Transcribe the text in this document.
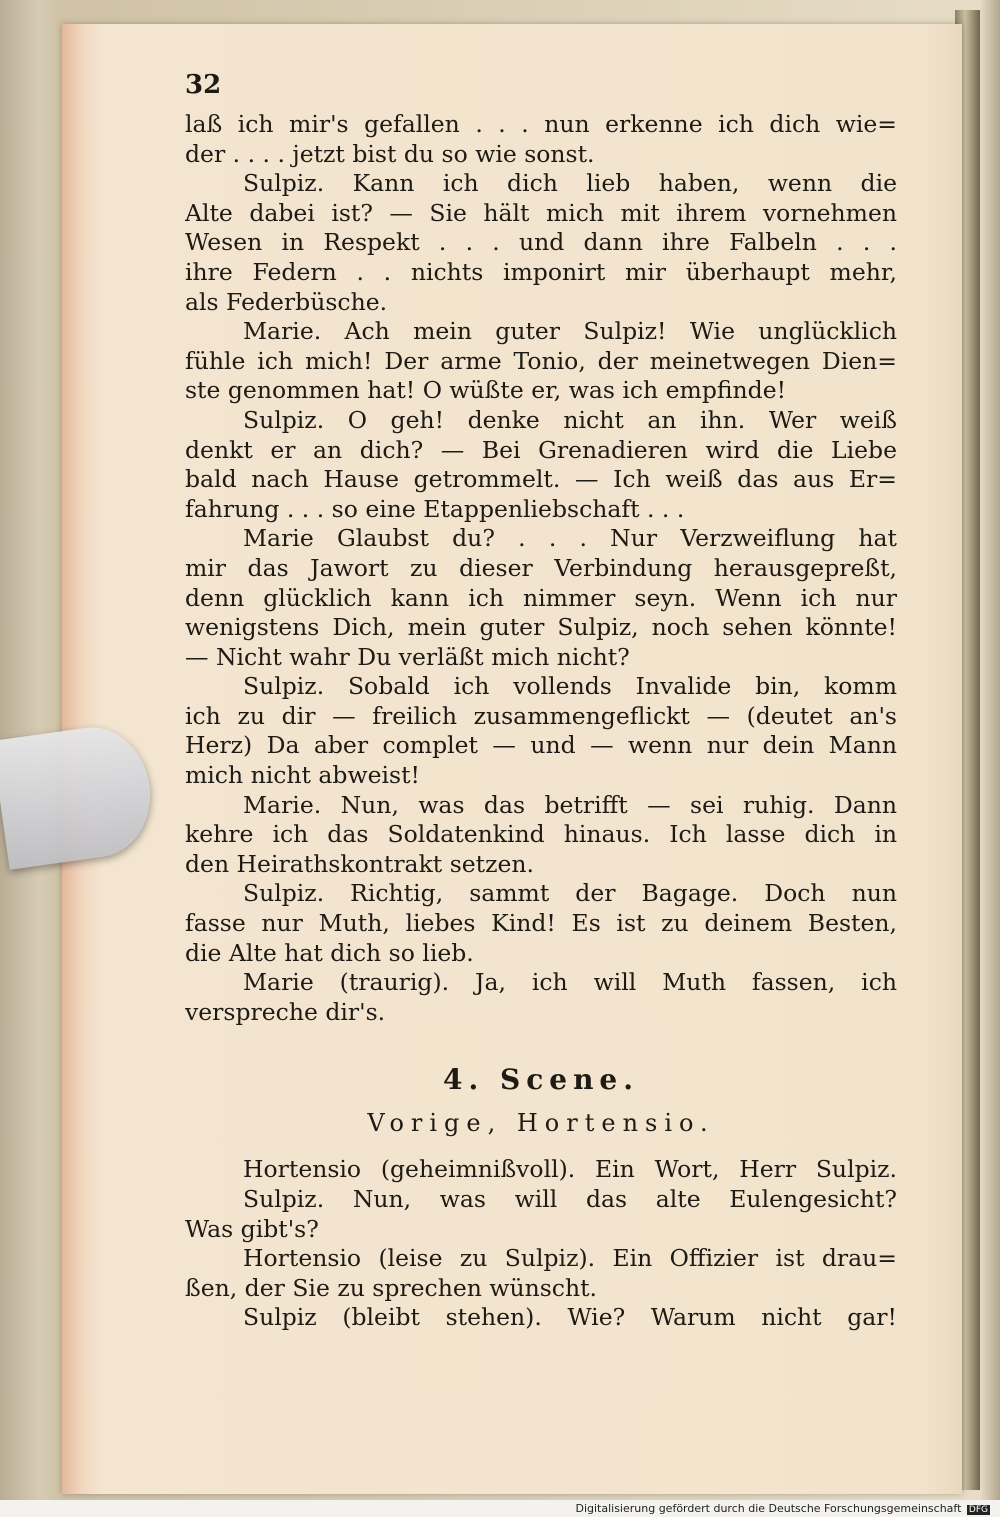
32
laß ich mir's gefallen . . . nun erkenne ich dich wie=
der . . . . jetzt bist du so wie sonst.
Sulpiz. Kann ich dich lieb haben, wenn die
Alte dabei ist? — Sie hält mich mit ihrem vornehmen
Wesen in Respekt . . . und dann ihre Falbeln . . .
ihre Federn . . nichts imponirt mir überhaupt mehr,
als Federbüsche.
Marie. Ach mein guter Sulpiz! Wie unglücklich
fühle ich mich! Der arme Tonio, der meinetwegen Dien=
ste genommen hat! O wüßte er, was ich empfinde!
Sulpiz. O geh! denke nicht an ihn. Wer weiß
denkt er an dich? — Bei Grenadieren wird die Liebe
bald nach Hause getrommelt. — Ich weiß das aus Er=
fahrung . . . so eine Etappenliebschaft . . .
Marie Glaubst du? . . . Nur Verzweiflung hat
mir das Jawort zu dieser Verbindung herausgepreßt,
denn glücklich kann ich nimmer seyn. Wenn ich nur
wenigstens Dich, mein guter Sulpiz, noch sehen könnte!
— Nicht wahr Du verläßt mich nicht?
Sulpiz. Sobald ich vollends Invalide bin, komm
ich zu dir — freilich zusammengeflickt — (deutet an's
Herz) Da aber complet — und — wenn nur dein Mann
mich nicht abweist!
Marie. Nun, was das betrifft — sei ruhig. Dann
kehre ich das Soldatenkind hinaus. Ich lasse dich in
den Heirathskontrakt setzen.
Sulpiz. Richtig, sammt der Bagage. Doch nun
fasse nur Muth, liebes Kind! Es ist zu deinem Besten,
die Alte hat dich so lieb.
Marie (traurig). Ja, ich will Muth fassen, ich
verspreche dir's.
4. Scene.
Vorige, Hortensio.
Hortensio (geheimnißvoll). Ein Wort, Herr Sulpiz.
Sulpiz. Nun, was will das alte Eulengesicht?
Was gibt's?
Hortensio (leise zu Sulpiz). Ein Offizier ist drau=
ßen, der Sie zu sprechen wünscht.
Sulpiz (bleibt stehen). Wie? Warum nicht gar!
Digitalisierung gefördert durch die Deutsche Forschungsgemeinschaft DFG
